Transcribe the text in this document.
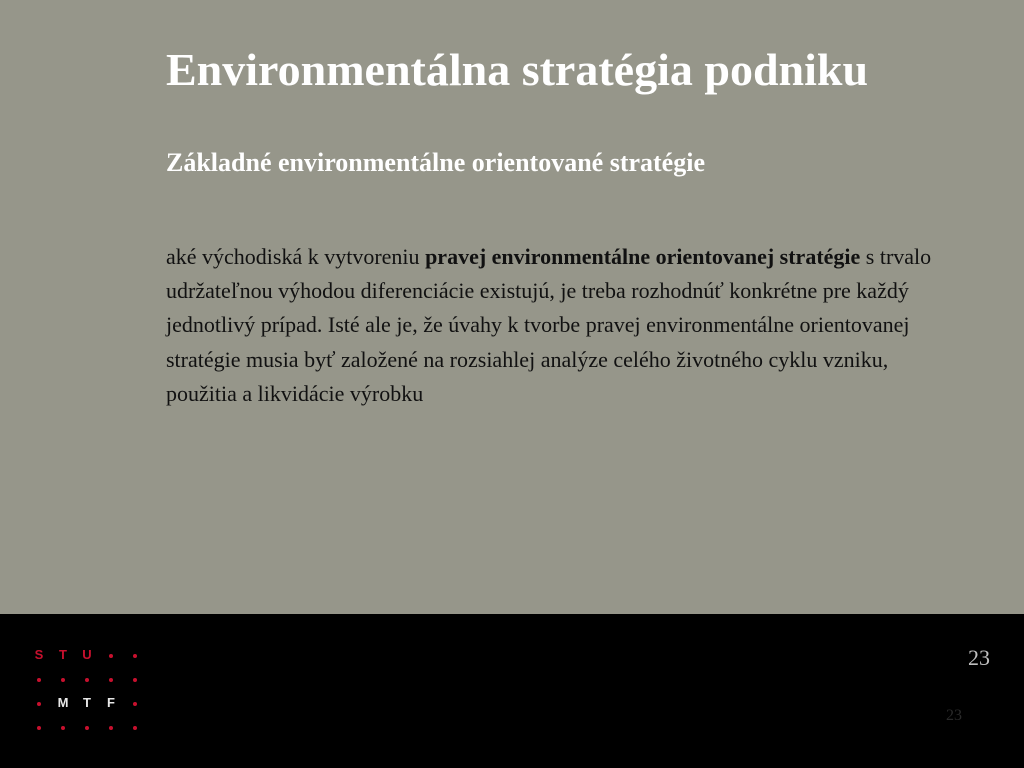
Environmentálna stratégia podniku
Základné environmentálne orientované stratégie

aké východiská k vytvoreniu pravej environmentálne orientovanej stratégie s trvalo udržateľnou výhodou diferenciácie existujú, je treba rozhodnúť konkrétne pre každý jednotlivý prípad. Isté ale je, že úvahy k tvorbe pravej environmentálne orientovanej stratégie musia byť založené na rozsiahlej analýze celého životného cyklu vzniku, použitia a likvidácie výrobku

S	T	U
M	T	F
23
23
